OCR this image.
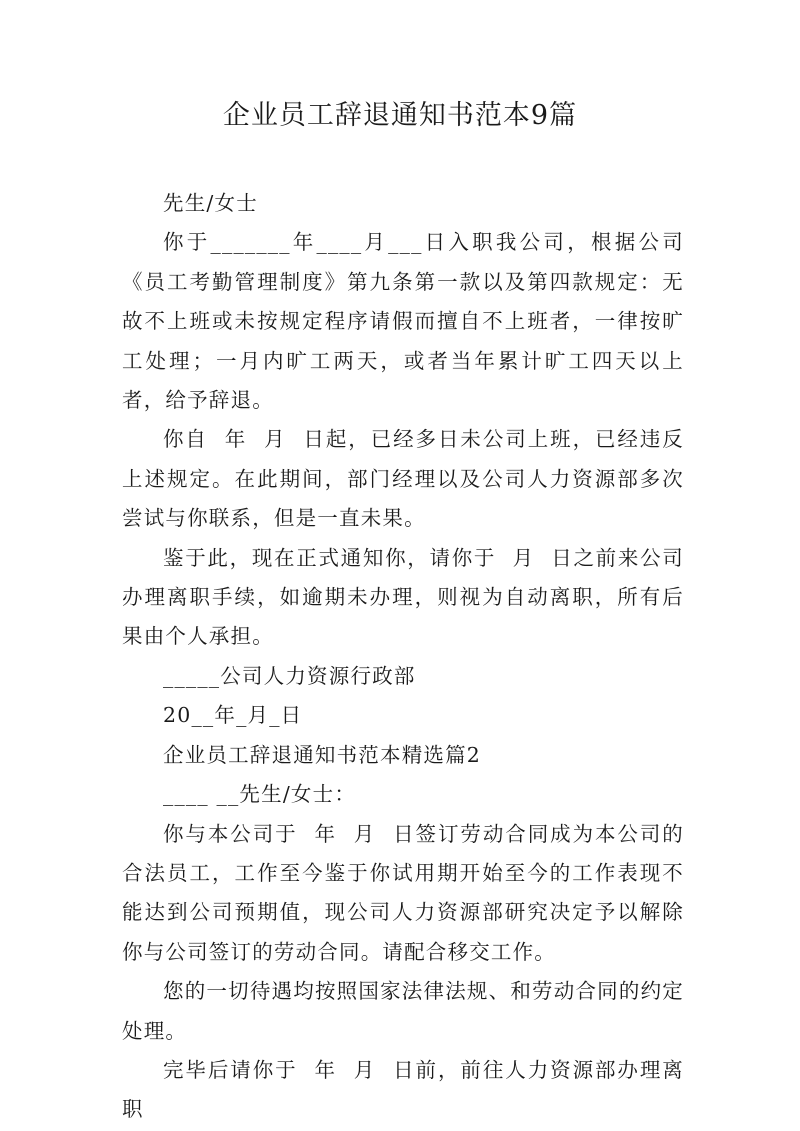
企业员工辞退通知书范本9篇

先生/女士

你于_______年____月___日入职我公司，根据公司《员工考勤管理制度》第九条第一款以及第四款规定：无故不上班或未按规定程序请假而擅自不上班者，一律按旷工处理；一月内旷工两天，或者当年累计旷工四天以上者，给予辞退。

你自  年  月  日起，已经多日未公司上班，已经违反上述规定。在此期间，部门经理以及公司人力资源部多次尝试与你联系，但是一直未果。

鉴于此，现在正式通知你，请你于  月  日之前来公司办理离职手续，如逾期未办理，则视为自动离职，所有后果由个人承担。

_____公司人力资源行政部

20__年_月_日

企业员工辞退通知书范本精选篇2

____ __先生/女士：

你与本公司于  年  月  日签订劳动合同成为本公司的合法员工，工作至今鉴于你试用期开始至今的工作表现不能达到公司预期值，现公司人力资源部研究决定予以解除你与公司签订的劳动合同。请配合移交工作。

您的一切待遇均按照国家法律法规、和劳动合同的约定处理。

完毕后请你于  年  月  日前，前往人力资源部办理离职
